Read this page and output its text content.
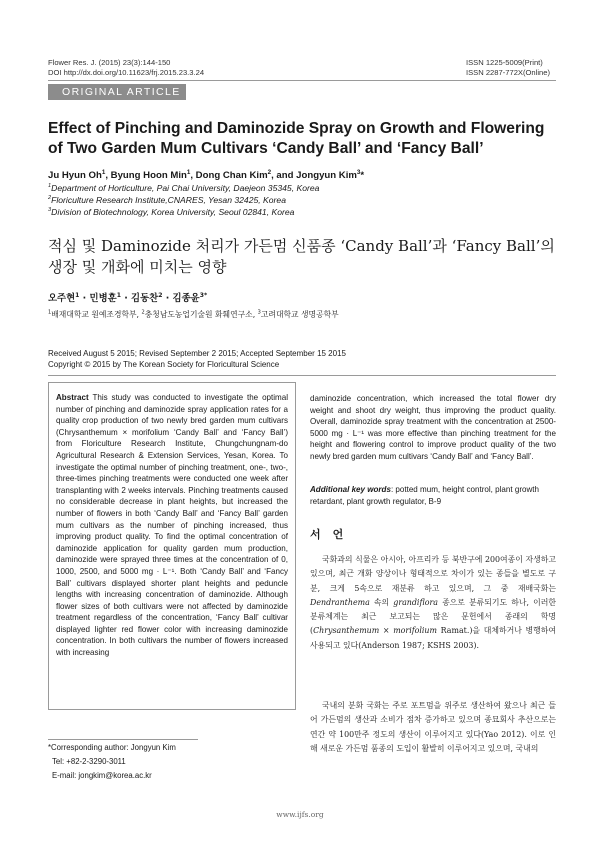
Flower Res. J. (2015) 23(3):144-150
DOI http://dx.doi.org/10.11623/frj.2015.23.3.24
ISSN 1225-5009(Print)
ISSN 2287-772X(Online)
ORIGINAL ARTICLE
Effect of Pinching and Daminozide Spray on Growth and Flowering
of Two Garden Mum Cultivars ‘Candy Ball’ and ‘Fancy Ball’
Ju Hyun Oh$^1$, Byung Hoon Min$^1$, Dong Chan Kim$^2$, and Jongyun Kim$^3$*
$^1$Department of Horticulture, Pai Chai University, Daejeon 35345, Korea
$^2$Floriculture Research Institute,CNARES, Yesan 32425, Korea
$^3$Division of Biotechnology, Korea University, Seoul 02841, Korea
적심 및 Daminozide 처리가 가든멈 신품종 ‘Candy Ball’과 ‘Fancy Ball’의
생장 및 개화에 미치는 영향
오주현$^1$ · 민병훈$^1$ · 김동찬$^2$ · 김종윤$^{3*}$
$^1$배재대학교 원예조경학부, $^2$충청남도농업기술원 화훼연구소, $^3$고려대학교 생명공학부
Received August 5 2015; Revised September 2 2015; Accepted September 15 2015
Copyright © 2015 by The Korean Society for Floricultural Science
Abstract This study was conducted to investigate the optimal number of pinching and daminozide spray application rates for a quality crop production of two newly bred garden mum cultivars (Chrysanthemum × morifolium ‘Candy Ball’ and ‘Fancy Ball’) from Floriculture Research Institute, Chungchungnam-do Agricultural Research & Extension Services, Yesan, Korea. To investigate the optimal number of pinching treatment, one-, two-, three-times pinching treatments were conducted one week after transplanting with 2 weeks intervals. Pinching treatments caused no considerable decrease in plant heights, but increased the number of flowers in both ‘Candy Ball’ and ‘Fancy Ball’ garden mum cultivars as the number of pinching increased, thus improving product quality. To find the optimal concentration of daminozide application for quality garden mum production, daminozide were sprayed three times at the concentration of 0, 1000, 2500, and 5000 mg · L⁻¹. Both ‘Candy Ball’ and ‘Fancy Ball’ cultivars displayed shorter plant heights and peduncle lengths with increasing concentration of daminozide. Although flower sizes of both cultivars were not affected by daminozide treatment regardless of the concentration, ‘Fancy Ball’ cultivar displayed lighter red flower color with increasing daminozide concentration. In both cultivars the number of flowers increased with increasing
daminozide concentration, which increased the total flower dry weight and shoot dry weight, thus improving the product quality. Overall, daminozide spray treatment with the concentration at 2500-5000 mg · L⁻¹ was more effective than pinching treatment for the height and flowering control to improve product quality of the two newly bred garden mum cultivars ‘Candy Ball’ and ‘Fancy Ball’.
Additional key words: potted mum, height control, plant growth retardant, plant growth regulator, B-9
서언
국화과의 식물은 아시아, 아프리카 등 북반구에 200여종이 자생하고 있으며, 최근 개화 양상이나 형태적으로 차이가 있는 종들을 별도로 구분, 크게 5속으로 재분류 하고 있으며, 그 중 재배국화는 Dendranthema 속의 grandiflora 종으로 분류되기도 하나, 이러한 분류체계는 최근 보고되는 많은 문헌에서 종래의 학명(Chrysanthemum × morifolium Ramat.)을 대체하거나 병행하여 사용되고 있다(Anderson 1987; KSHS 2003).
국내의 분화 국화는 주로 포트멈을 위주로 생산하여 왔으나 최근 들어 가든멈의 생산과 소비가 점차 증가하고 있으며 종묘회사 추산으로는 연간 약 100만주 정도의 생산이 이루어지고 있다(Yao 2012). 이로 인해 새로운 가든멈 품종의 도입이 활발히 이루어지고 있으며, 국내의
*Corresponding author: Jongyun Kim
Tel: +82-2-3290-3011
E-mail: jongkim@korea.ac.kr
www.ijfs.org
